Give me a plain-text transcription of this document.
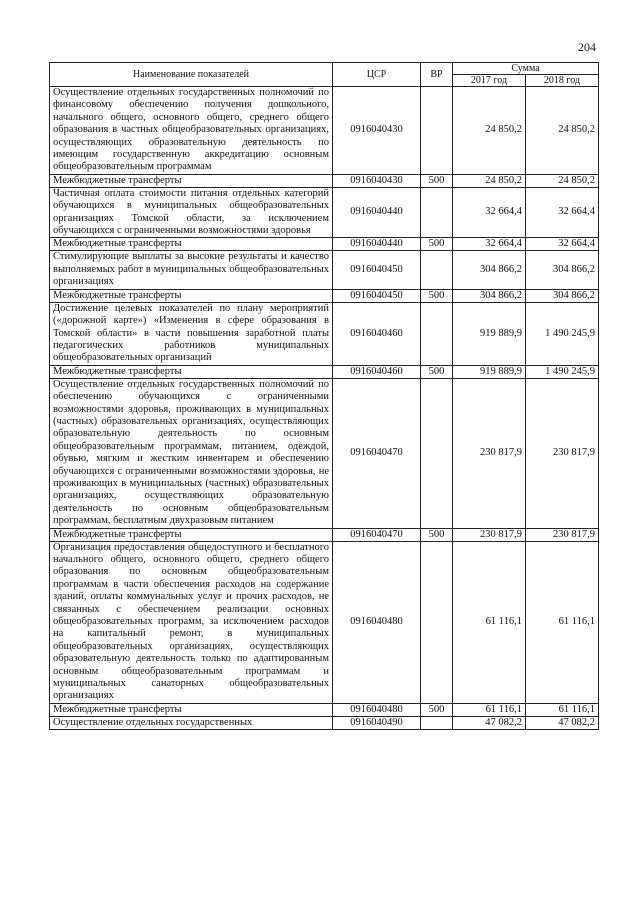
204
Наименование показателей	ЦСР	ВР	Сумма	
			2017 год	2018 год
Осуществление отдельных государственных полномочий по финансовому обеспечению получения дошкольного, начального общего, основного общего, среднего общего образования в частных общеобразовательных организациях, осуществляющих образовательную деятельность по имеющим государственную аккредитацию основным общеобразовательным программам	0916040430		24 850,2	24 850,2
Межбюджетные трансферты	0916040430	500	24 850,2	24 850,2
Частичная оплата стоимости питания отдельных категорий обучающихся в муниципальных общеобразовательных организациях Томской области, за исключением обучающихся с ограниченными возможностями здоровья	0916040440		32 664,4	32 664,4
Межбюджетные трансферты	0916040440	500	32 664,4	32 664,4
Стимулирующие выплаты за высокие результаты и качество выполняемых работ в муниципальных общеобразовательных организациях	0916040450		304 866,2	304 866,2
Межбюджетные трансферты	0916040450	500	304 866,2	304 866,2
Достижение целевых показателей по плану мероприятий («дорожной карте») «Изменения в сфере образования в Томской области» в части повышения заработной платы педагогических работников муниципальных общеобразовательных организаций	0916040460		919 889,9	1 490 245,9
Межбюджетные трансферты	0916040460	500	919 889,9	1 490 245,9
Осуществление отдельных государственных полномочий по обеспечению обучающихся с ограниченными возможностями здоровья, проживающих в муниципальных (частных) образовательных организациях, осуществляющих образовательную деятельность по основным общеобразовательным программам, питанием, одеждой, обувью, мягким и жестким инвентарем и обеспечению обучающихся с ограниченными возможностями здоровья, не проживающих в муниципальных (частных) образовательных организациях, осуществляющих образовательную деятельность по основным общеобразовательным программам, бесплатным двухразовым питанием	0916040470		230 817,9	230 817,9
Межбюджетные трансферты	0916040470	500	230 817,9	230 817,9
Организация предоставления общедоступного и бесплатного начального общего, основного общего, среднего общего образования по основным общеобразовательным программам в части обеспечения расходов на содержание зданий, оплаты коммунальных услуг и прочих расходов, не связанных с обеспечением реализации основных общеобразовательных программ, за исключением расходов на капитальный ремонт, в муниципальных общеобразовательных организациях, осуществляющих образовательную деятельность только по адаптированным основным общеобразовательным программам и муниципальных санаторных общеобразовательных организациях	0916040480		61 116,1	61 116,1
Межбюджетные трансферты	0916040480	500	61 116,1	61 116,1
Осуществление отдельных государственных	0916040490		47 082,2	47 082,2
